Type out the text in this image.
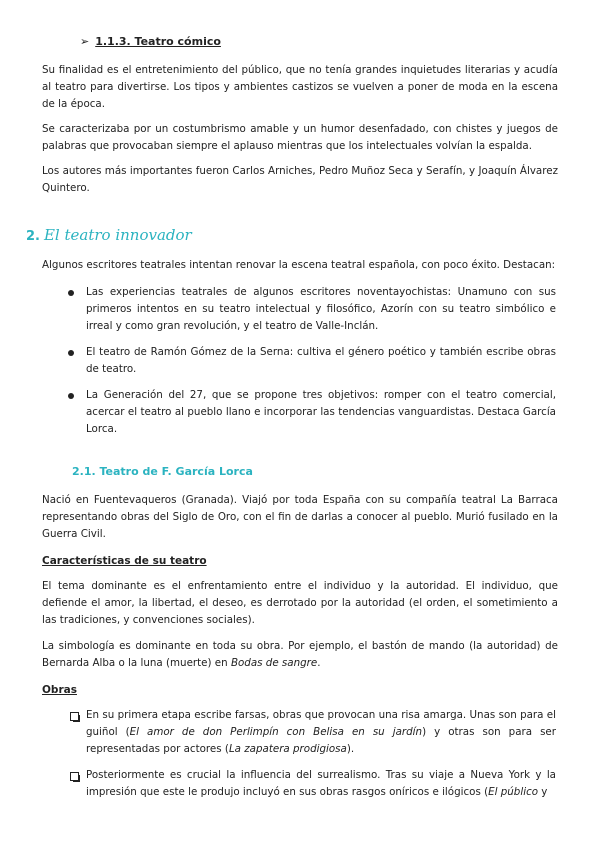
➢ 1.1.3. Teatro cómico

Su finalidad es el entretenimiento del público, que no tenía grandes inquietudes literarias y acudía al teatro para divertirse. Los tipos y ambientes castizos se vuelven a poner de moda en la escena de la época.

Se caracterizaba por un costumbrismo amable y un humor desenfadado, con chistes y juegos de palabras que provocaban siempre el aplauso mientras que los intelectuales volvían la espalda.

Los autores más importantes fueron Carlos Arniches, Pedro Muñoz Seca y Serafín, y Joaquín Álvarez Quintero.

2. El teatro innovador

Algunos escritores teatrales intentan renovar la escena teatral española, con poco éxito. Destacan:

Las experiencias teatrales de algunos escritores noventayochistas: Unamuno con sus primeros intentos en su teatro intelectual y filosófico, Azorín con su teatro simbólico e irreal y como gran revolución, y el teatro de Valle-Inclán.
El teatro de Ramón Gómez de la Serna: cultiva el género poético y también escribe obras de teatro.
La Generación del 27, que se propone tres objetivos: romper con el teatro comercial, acercar el teatro al pueblo llano e incorporar las tendencias vanguardistas. Destaca García Lorca.
2.1. Teatro de F. García Lorca

Nació en Fuentevaqueros (Granada). Viajó por toda España con su compañía teatral La Barraca representando obras del Siglo de Oro, con el fin de darlas a conocer al pueblo. Murió fusilado en la Guerra Civil.

Características de su teatro

El tema dominante es el enfrentamiento entre el individuo y la autoridad. El individuo, que defiende el amor, la libertad, el deseo, es derrotado por la autoridad (el orden, el sometimiento a las tradiciones, y convenciones sociales).

La simbología es dominante en toda su obra. Por ejemplo, el bastón de mando (la autoridad) de Bernarda Alba o la luna (muerte) en Bodas de sangre.

Obras
En su primera etapa escribe farsas, obras que provocan una risa amarga. Unas son para el guiñol (El amor de don Perlimpín con Belisa en su jardín) y otras son para ser representadas por actores (La zapatera prodigiosa).
Posteriormente es crucial la influencia del surrealismo. Tras su viaje a Nueva York y la impresión que este le produjo incluyó en sus obras rasgos oníricos e ilógicos (El público y
